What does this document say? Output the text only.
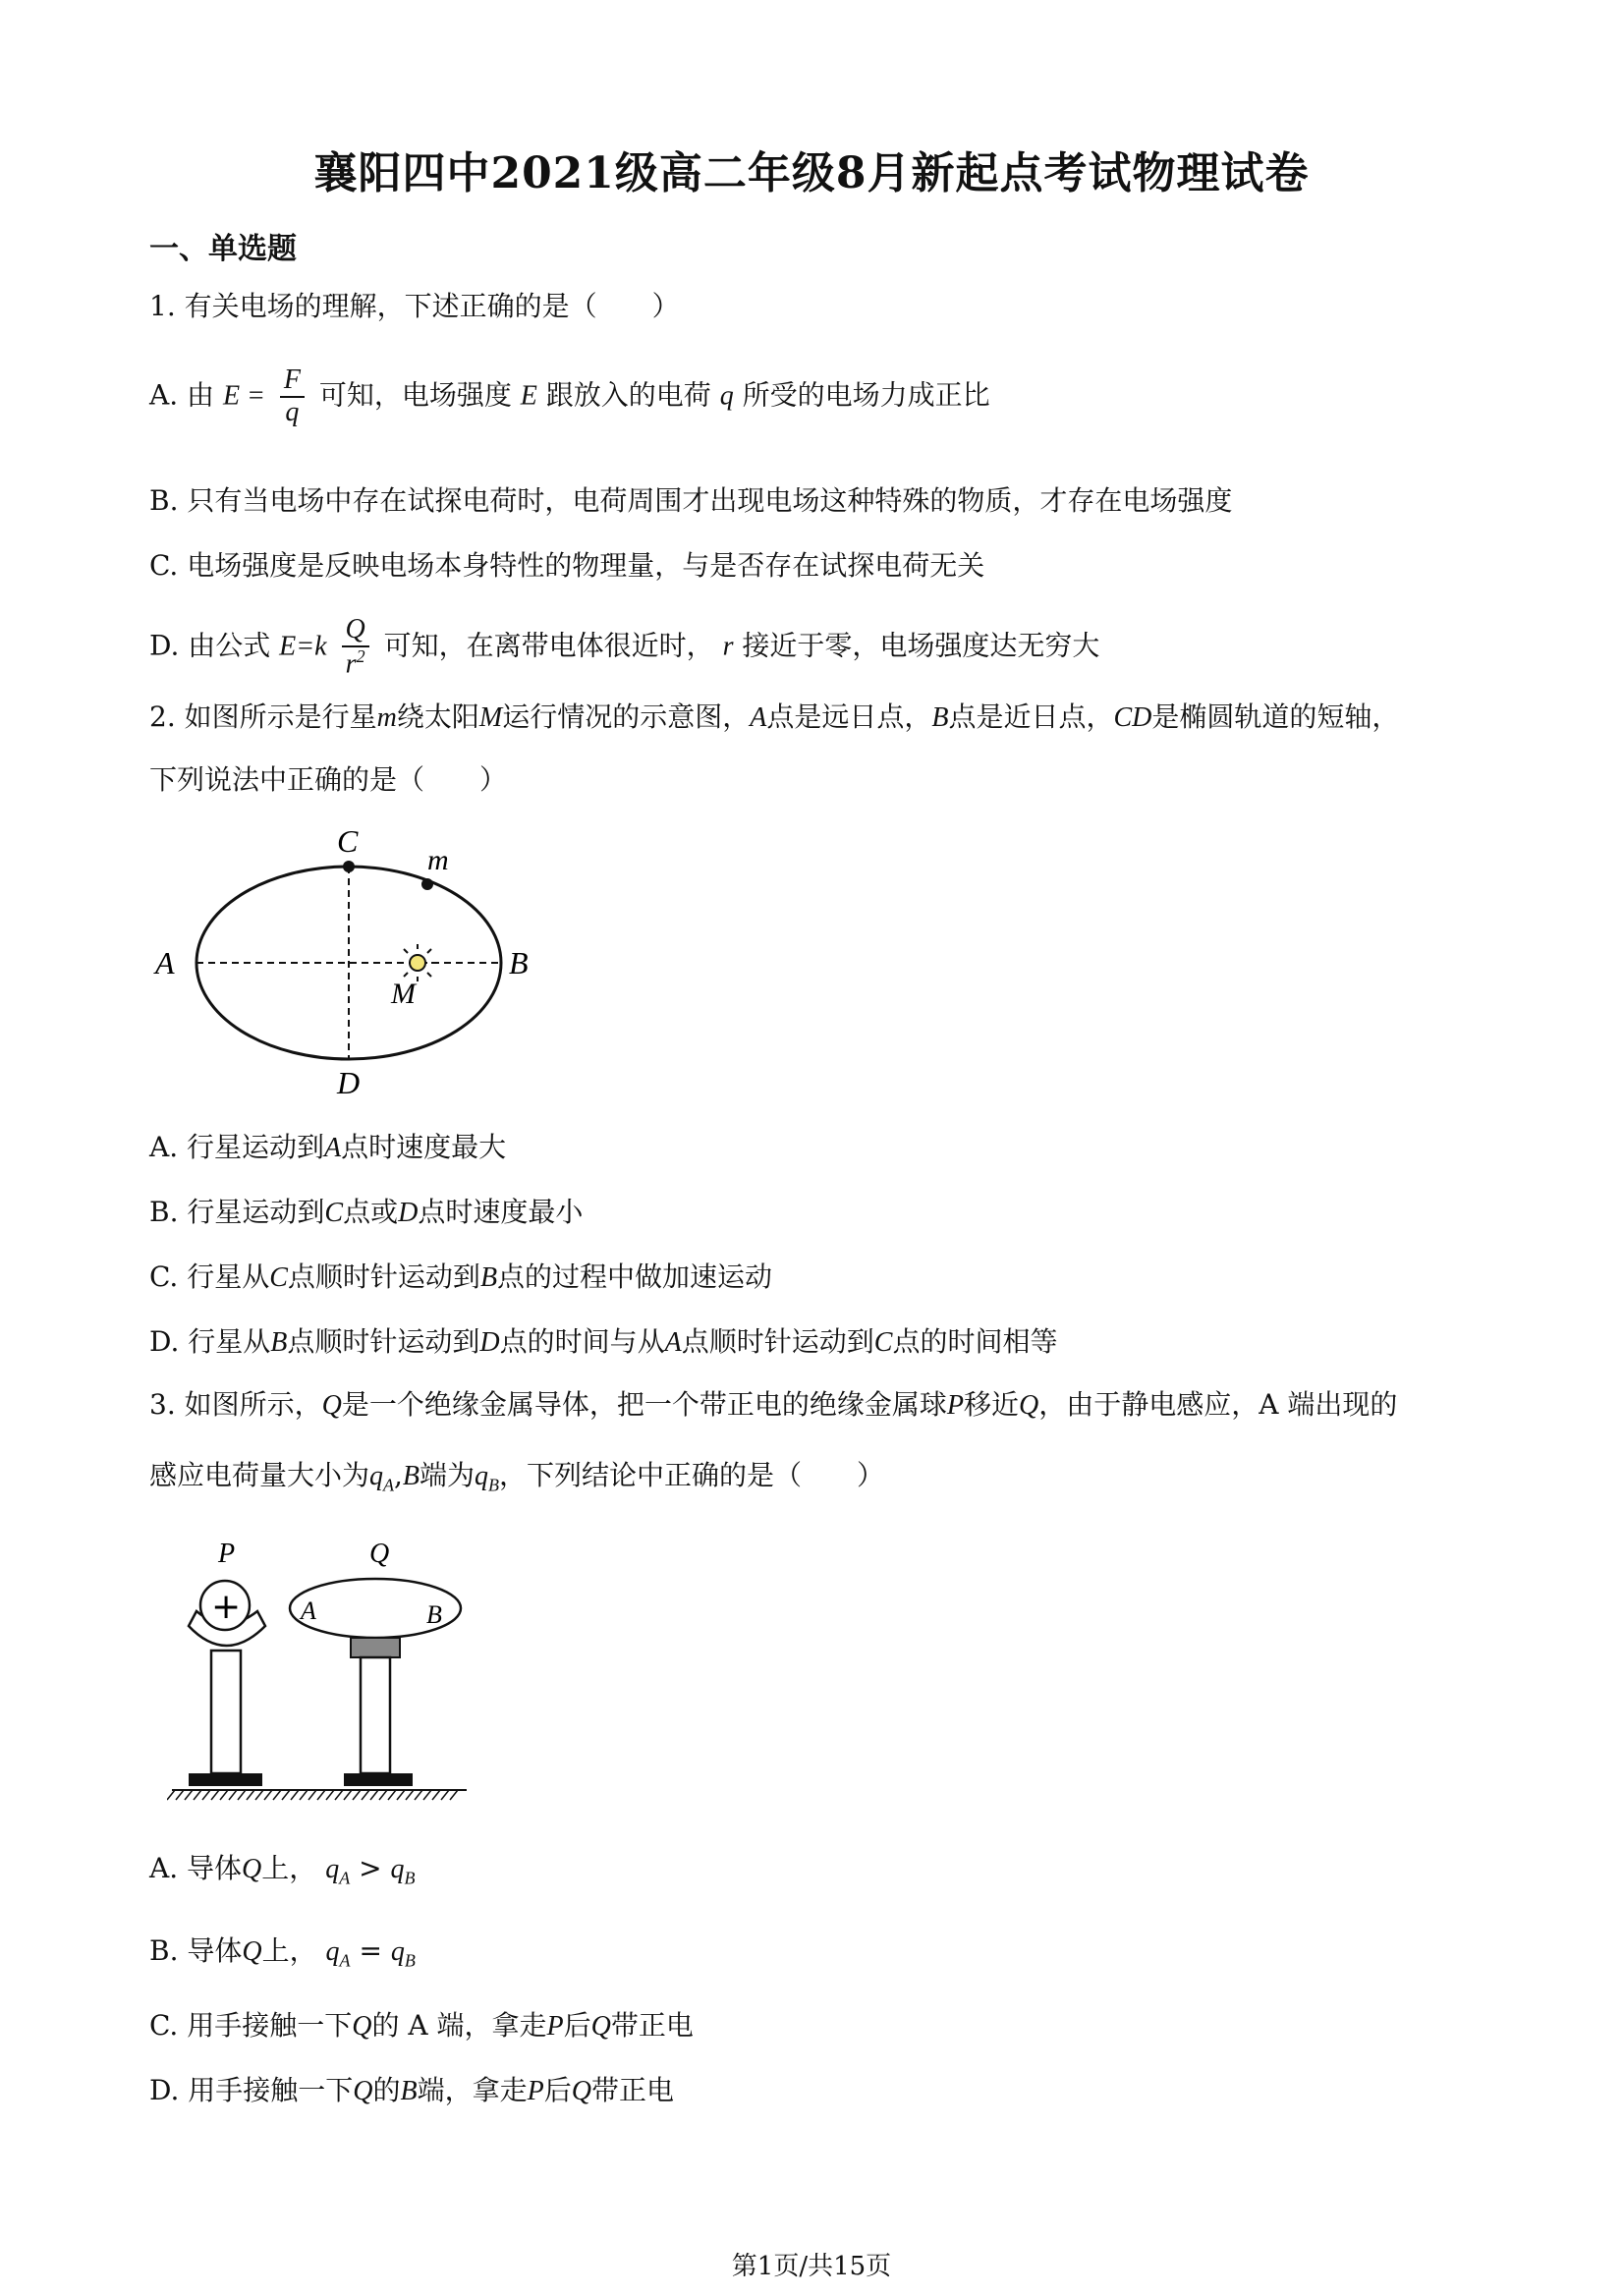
襄阳四中2021级高二年级8月新起点考试物理试卷
一、单选题
1. 有关电场的理解，下述正确的是（　　）
A. 由 $E = \frac{F}{q}$ 可知，电场强度 E 跟放入的电荷 q 所受的电场力成正比
B. 只有当电场中存在试探电荷时，电荷周围才出现电场这种特殊的物质，才存在电场强度
C. 电场强度是反映电场本身特性的物理量，与是否存在试探电荷无关
D. 由公式 $E=k \frac{Q}{r^2}$ 可知，在离带电体很近时， r 接近于零，电场强度达无穷大
2. 如图所示是行星m绕太阳M运行情况的示意图，A点是远日点，B点是近日点，CD是椭圆轨道的短轴，
下列说法中正确的是（　　）
A	B
C
D
m
M
A. 行星运动到A点时速度最大
B. 行星运动到C点或D点时速度最小
C. 行星从C点顺时针运动到B点的过程中做加速运动
D. 行星从B点顺时针运动到D点的时间与从A点顺时针运动到C点的时间相等
3. 如图所示，Q是一个绝缘金属导体，把一个带正电的绝缘金属球P移近Q，由于静电感应，A 端出现的
感应电荷量大小为$q_A,B$端为$q_B$，下列结论中正确的是（　　）
+
P	Q
A	B
A. 导体Q上， $q_A > q_B$
B. 导体Q上， $q_A = q_B$
C. 用手接触一下Q的 A 端，拿走P后Q带正电
D. 用手接触一下Q的B端，拿走P后Q带正电
第1页/共15页
